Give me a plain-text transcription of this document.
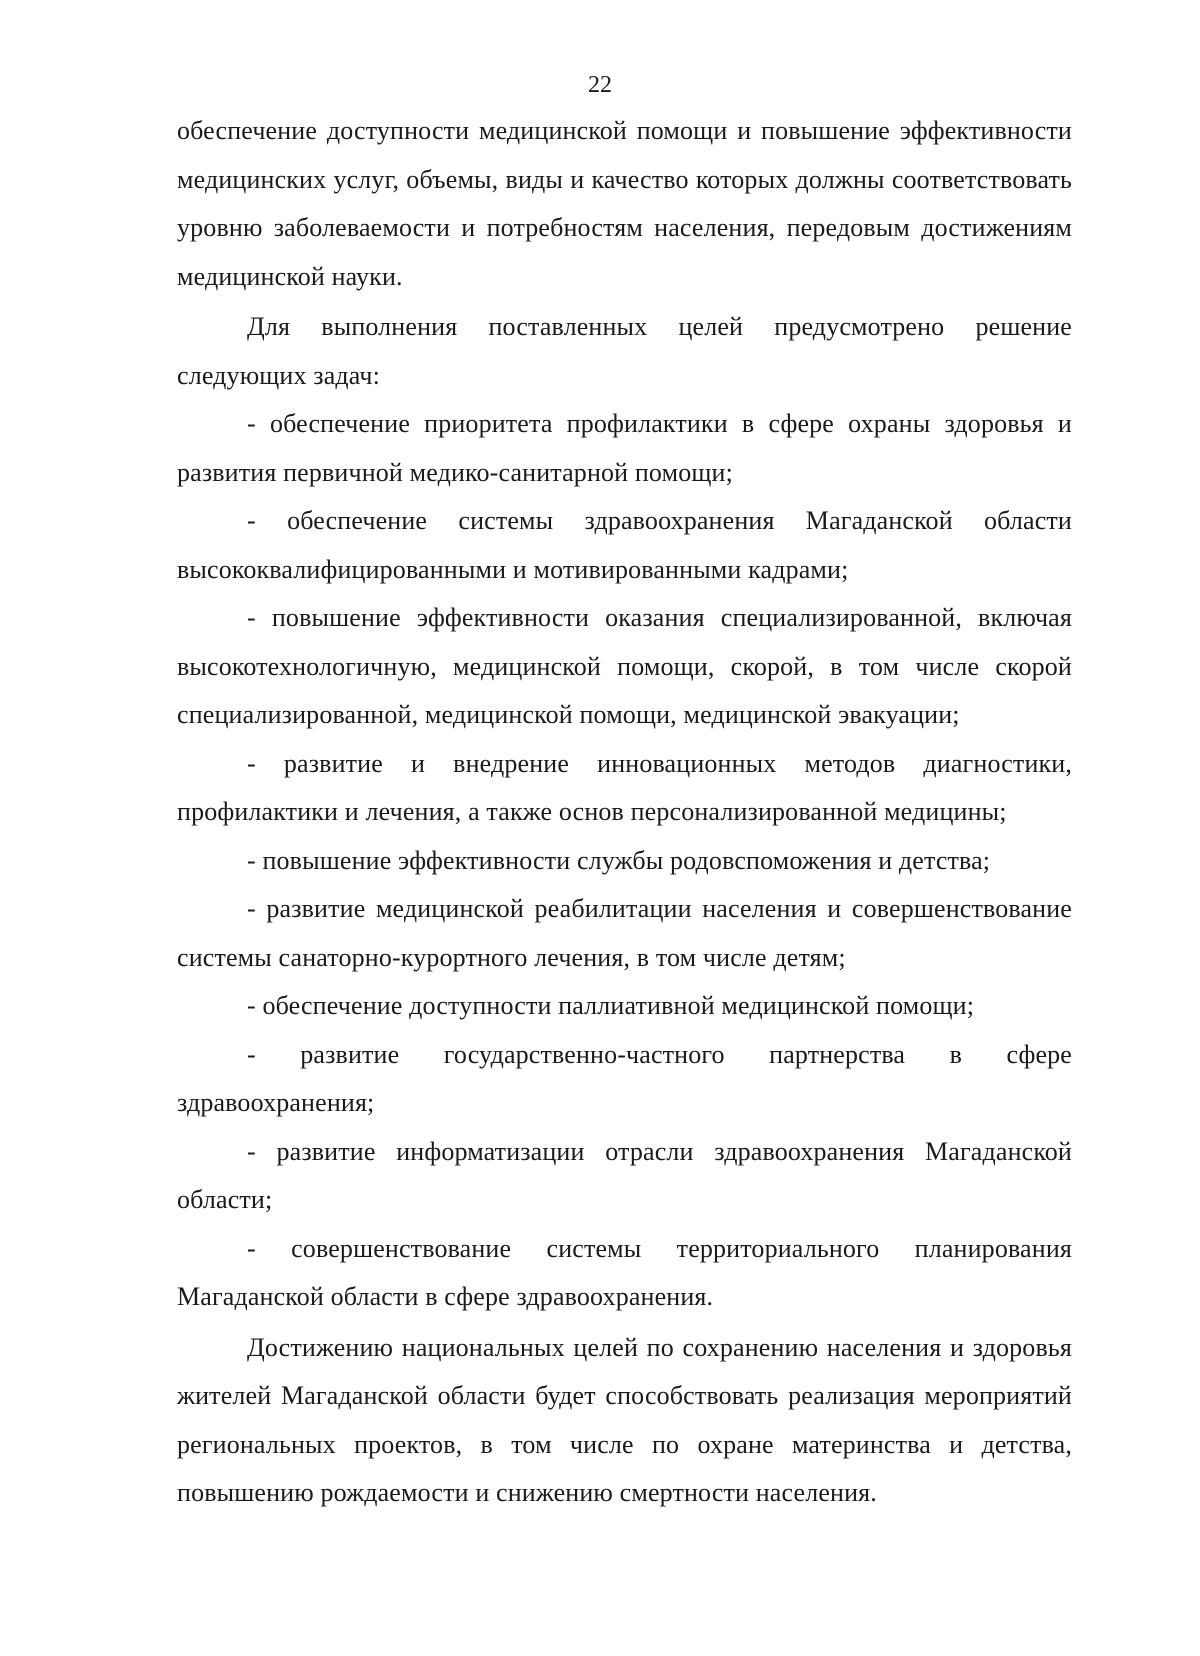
22

обеспечение доступности медицинской помощи и повышение эффективности медицинских услуг, объемы, виды и качество которых должны соответствовать уровню заболеваемости и потребностям населения, передовым достижениям медицинской науки.

Для выполнения поставленных целей предусмотрено решение следующих задач:

- обеспечение приоритета профилактики в сфере охраны здоровья и развития первичной медико-санитарной помощи;

- обеспечение системы здравоохранения Магаданской области высококвалифицированными и мотивированными кадрами;

- повышение эффективности оказания специализированной, включая высокотехнологичную, медицинской помощи, скорой, в том числе скорой специализированной, медицинской помощи, медицинской эвакуации;

- развитие и внедрение инновационных методов диагностики, профилактики и лечения, а также основ персонализированной медицины;

- повышение эффективности службы родовспоможения и детства;

- развитие медицинской реабилитации населения и совершенствование системы санаторно-курортного лечения, в том числе детям;

- обеспечение доступности паллиативной медицинской помощи;

- развитие государственно-частного партнерства в сфере здравоохранения;

- развитие информатизации отрасли здравоохранения Магаданской области;

- совершенствование системы территориального планирования Магаданской области в сфере здравоохранения.

Достижению национальных целей по сохранению населения и здоровья жителей Магаданской области будет способствовать реализация мероприятий региональных проектов, в том числе по охране материнства и детства, повышению рождаемости и снижению смертности населения.
